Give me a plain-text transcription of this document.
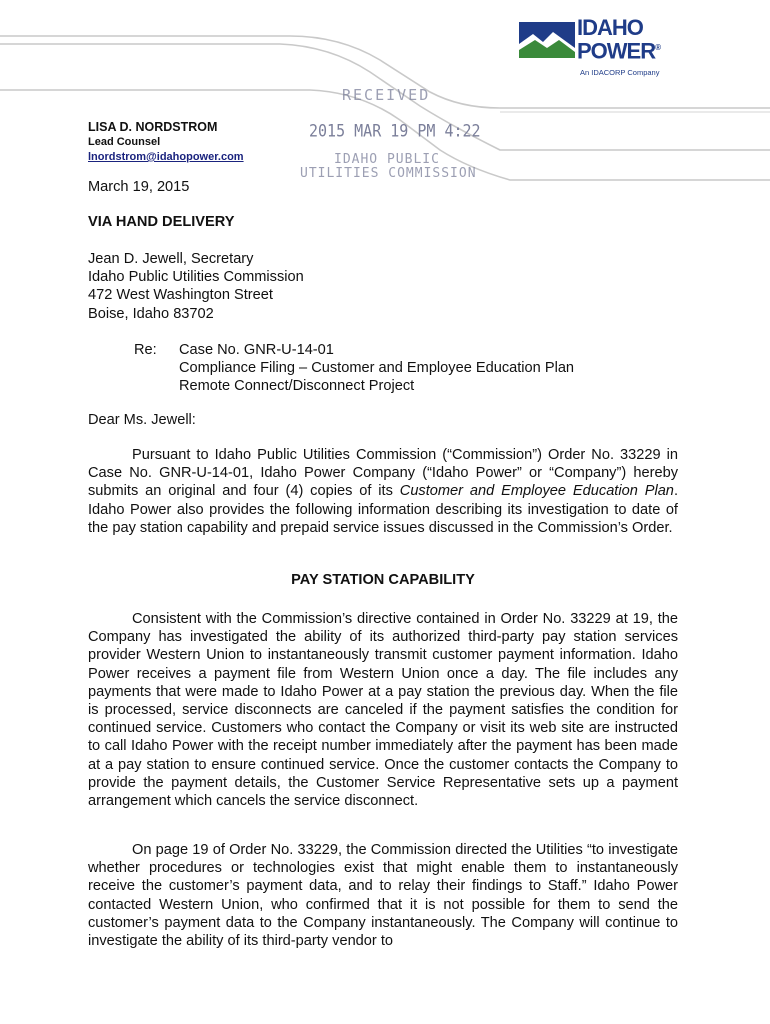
IDAHO
POWER®
An IDACORP Company
RECEIVED
2015 MAR 19 PM 4:22
IDAHO PUBLIC
UTILITIES COMMISSION
LISA D. NORDSTROM
Lead Counsel
lnordstrom@idahopower.com
March 19, 2015
VIA HAND DELIVERY
Jean D. Jewell, Secretary
Idaho Public Utilities Commission
472 West Washington Street
Boise, Idaho 83702
Re: Case No. GNR-U-14-01
Compliance Filing – Customer and Employee Education Plan
Remote Connect/Disconnect Project
Dear Ms. Jewell:

Pursuant to Idaho Public Utilities Commission (“Commission”) Order No. 33229 in Case No. GNR-U-14-01, Idaho Power Company (“Idaho Power” or “Company”) hereby submits an original and four (4) copies of its Customer and Employee Education Plan. Idaho Power also provides the following information describing its investigation to date of the pay station capability and prepaid service issues discussed in the Commission’s Order.

PAY STATION CAPABILITY

Consistent with the Commission’s directive contained in Order No. 33229 at 19, the Company has investigated the ability of its authorized third-party pay station services provider Western Union to instantaneously transmit customer payment information. Idaho Power receives a payment file from Western Union once a day. The file includes any payments that were made to Idaho Power at a pay station the previous day. When the file is processed, service disconnects are canceled if the payment satisfies the condition for continued service. Customers who contact the Company or visit its web site are instructed to call Idaho Power with the receipt number immediately after the payment has been made at a pay station to ensure continued service. Once the customer contacts the Company to provide the payment details, the Customer Service Representative sets up a payment arrangement which cancels the service disconnect.

On page 19 of Order No. 33229, the Commission directed the Utilities “to investigate whether procedures or technologies exist that might enable them to instantaneously receive the customer’s payment data, and to relay their findings to Staff.” Idaho Power contacted Western Union, who confirmed that it is not possible for them to send the customer’s payment data to the Company instantaneously. The Company will continue to investigate the ability of its third-party vendor to
